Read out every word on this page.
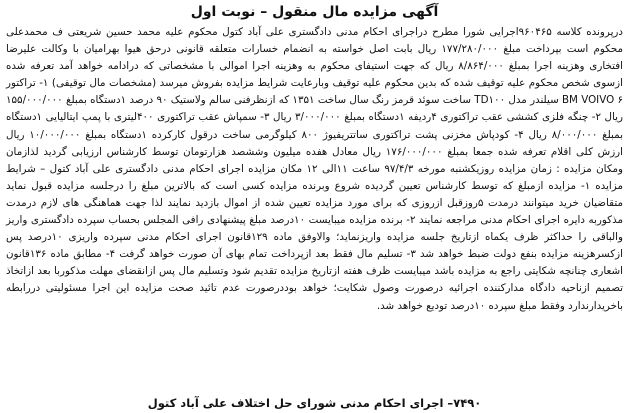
آگهی مزایده مال منقول – نوبت اول

درپرونده کلاسه ۹۶۰۴۶۵اجرایی شورا مطرح دراجرای احکام مدنی دادگستری علی آباد کتول محکوم علیه محمد حسین شریعتی ف محمدعلی محکوم است بپرداخت مبلغ ۱۷۷/۲۸۰/۰۰۰ ریال بابت اصل خواسته به انضمام خسارات متعلقه قانونی درحق هیوا بهرامیان با وکالت علیرضا افتخاری وهزینه اجرا بمبلغ ۸/۸۶۴/۰۰۰ ریال که جهت استیفای محکوم به وهزینه اجرا اموالی با مشخصاتی که درادامه خواهد آمد تعرفه شده ازسوی شخص محکوم علیه توقیف شده که بدین محکوم علیه توقیف وبارعایت شرایط مزایده بفروش میرسد (مشخصات مال توقیفی) ۱- تراکتور BM VOIVO ۶ سیلندر مدل TD۱۰۰ ساخت سوئد قرمز رنگ سال ساخت ۱۳۵۱ که ازنظرفنی سالم ولاستیک ۹۰ درصد ۱دستگاه بمبلغ ۱۵۵/۰۰۰/۰۰۰ ریال ۲- چنگه فلزی کششی عقب تراکتوری ۴ردیفه ۱دستگاه بمبلغ ۳/۰۰۰/۰۰۰ ریال ۳- سمپاش عقب تراکتوری ۴۰۰لیتری با پمپ ایتالیایی ۱دستگاه بمبلغ ۸/۰۰۰/۰۰۰ ریال ۴- کودپاش مخزنی پشت تراکتوری ساتتریفیوژ ۸۰۰ کیلوگرمی ساخت درقول کارکرده ۱دستگاه بمبلغ ۱۰/۰۰۰/۰۰۰ ریال ارزش کلی اقلام تعرفه شده جمعا بمبلغ ۱۷۶/۰۰۰/۰۰۰ ریال معادل هفده میلیون وششصد هزارتومان توسط کارشناس ارزیابی گردید لذازمان ومکان مزایده : زمان مزایده روزیکشنبه مورخه ۹۷/۴/۳ ساعت ۱۱الی ۱۲ مکان مزایده اجرای احکام مدنی دادگستری علی آباد کتول – شرایط مزایده ۱- مزایده ازمبلغ که توسط کارشناس تعیین گردیده شروع وبرنده مزایده کسی است که بالاترین مبلغ را درجلسه مزایده قبول نماید متقاضیان خرید میتوانند درمدت ۵روزقبل ازروزی که برای مورد مزایده تعیین شده از اموال بازدید نمایند لذا جهت هماهنگی های لازم درمدت مذکوربه دایره اجرای احکام مدنی مراجعه نمایند ۲- برنده مزایده میبایست ۱۰درصد مبلغ پیشنهادی رافی المجلس بحساب سپرده دادگستری واریز والباقی را حداکثر ظرف یکماه ازتاریخ جلسه مزایده واریزنماید؛ والاوفق ماده ۱۲۹قانون اجرای احکام مدنی سپرده واریزی ۱۰درصد پس ازکسرهزینه مزایده بنفع دولت ضبط خواهد شد ۳- تسلیم مال فقط بعد ازپرداخت تمام بهای آن صورت خواهد گرفت ۴- مطابق ماده ۱۳۶قانون اشعاری چنانچه شکایتی راجع به مزایده باشد میبایست ظرف هفته ازتاریخ مزایده تقدیم شود وتسلیم مال پس ازانقضای مهلت مذکوربا بعد ازاتخاذ تصمیم ازناحیه دادگاه مدارکننده اجرائیه درصورت وصول شکایت؛ خواهد بوددرصورت عدم تائید صحت مزایده این اجرا مسئولیتی دررابطه باخریدارندارد وفقط مبلغ سپرده ۱۰درصد تودیع خواهد شد.

۷۴۹۰– اجرای احکام مدنی شورای حل اختلاف علی آباد کتول
